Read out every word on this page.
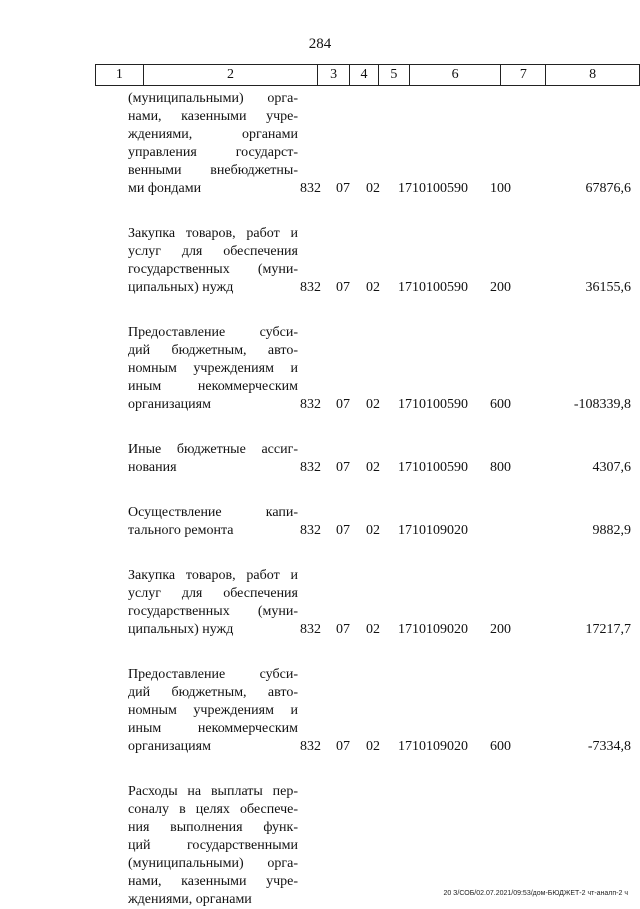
284
1	2	3	4	5	6	7	8
(муниципальными) орга-
нами, казенными учре-
ждениями, органами
управления государст-
венными внебюджетны-
ми фондами	832 07 02 1710100590 100	67876,6
Закупка товаров, работ и
услуг для обеспечения
государственных (муни-
ципальных) нужд	832 07 02 1710100590 200	36155,6
Предоставление субси-
дий бюджетным, авто-
номным учреждениям и
иным некоммерческим
организациям	832 07 02 1710100590 600	-108339,8
Иные бюджетные ассиг-
нования	832 07 02 1710100590 800	4307,6
Осуществление капи-
тального ремонта	832 07 02 1710109020	9882,9
Закупка товаров, работ и
услуг для обеспечения
государственных (муни-
ципальных) нужд	832 07 02 1710109020 200	17217,7
Предоставление субси-
дий бюджетным, авто-
номным учреждениям и
иным некоммерческим
организациям	832 07 02 1710109020 600	-7334,8
Расходы на выплаты пер-
соналу в целях обеспече-
ния выполнения функ-
ций государственными
(муниципальными) орга-
нами, казенными учре-
ждениями, органами	20 З/СОБ/02.07.2021/09:53/дом-БЮДЖЕТ-2 чт-аналп-2 ч
